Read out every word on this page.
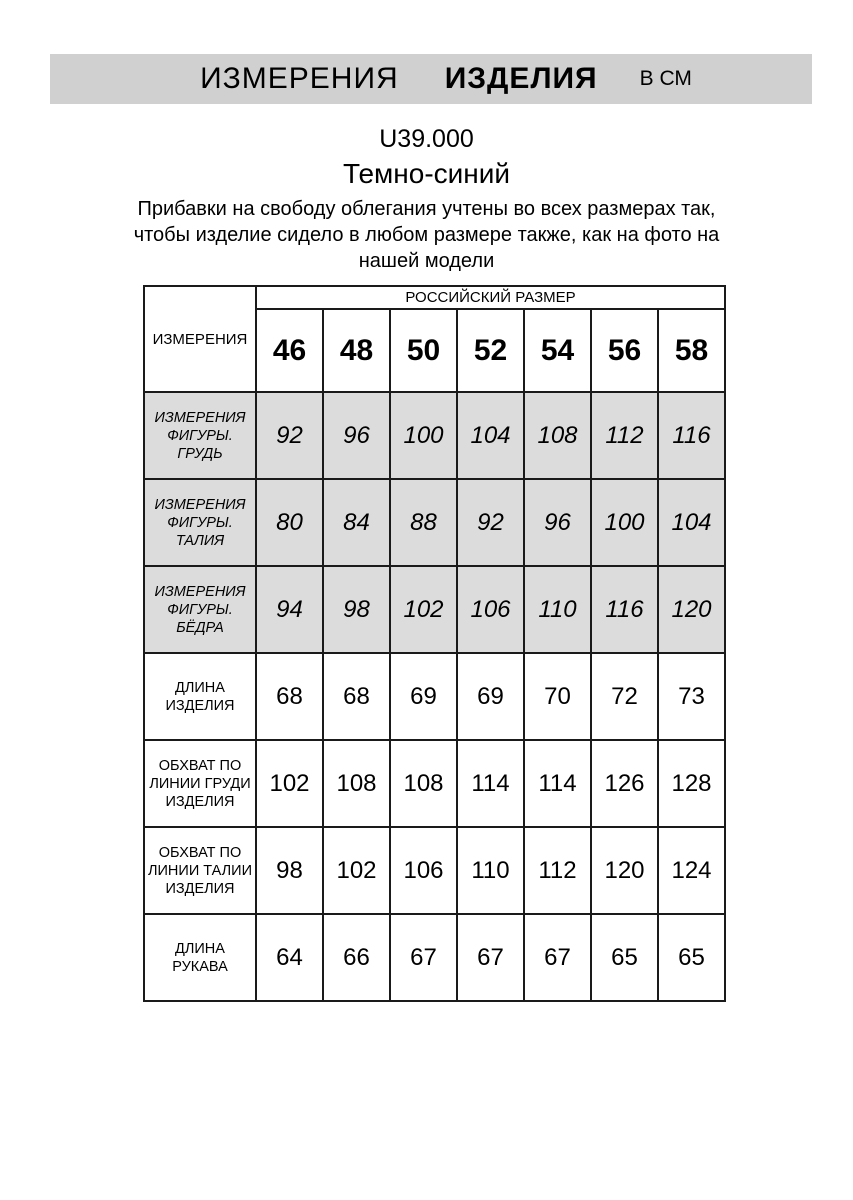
ИЗМЕРЕНИЯ ИЗДЕЛИЯ В СМ
U39.000
Темно-синий
Прибавки на свободу облегания учтены во всех размерах так,
чтобы изделие сидело в любом размере также, как на фото на
нашей модели
ИЗМЕРЕНИЯ	РОССИЙСКИЙ РАЗМЕР						
	46	48	50	52	54	56	58
ИЗМЕРЕНИЯ ФИГУРЫ. ГРУДЬ	92	96	100	104	108	112	116
ИЗМЕРЕНИЯ ФИГУРЫ. ТАЛИЯ	80	84	88	92	96	100	104
ИЗМЕРЕНИЯ ФИГУРЫ. БЁДРА	94	98	102	106	110	116	120
ДЛИНА ИЗДЕЛИЯ	68	68	69	69	70	72	73
ОБХВАТ ПО ЛИНИИ ГРУДИ ИЗДЕЛИЯ	102	108	108	114	114	126	128
ОБХВАТ ПО ЛИНИИ ТАЛИИ ИЗДЕЛИЯ	98	102	106	110	112	120	124
ДЛИНА РУКАВА	64	66	67	67	67	65	65
